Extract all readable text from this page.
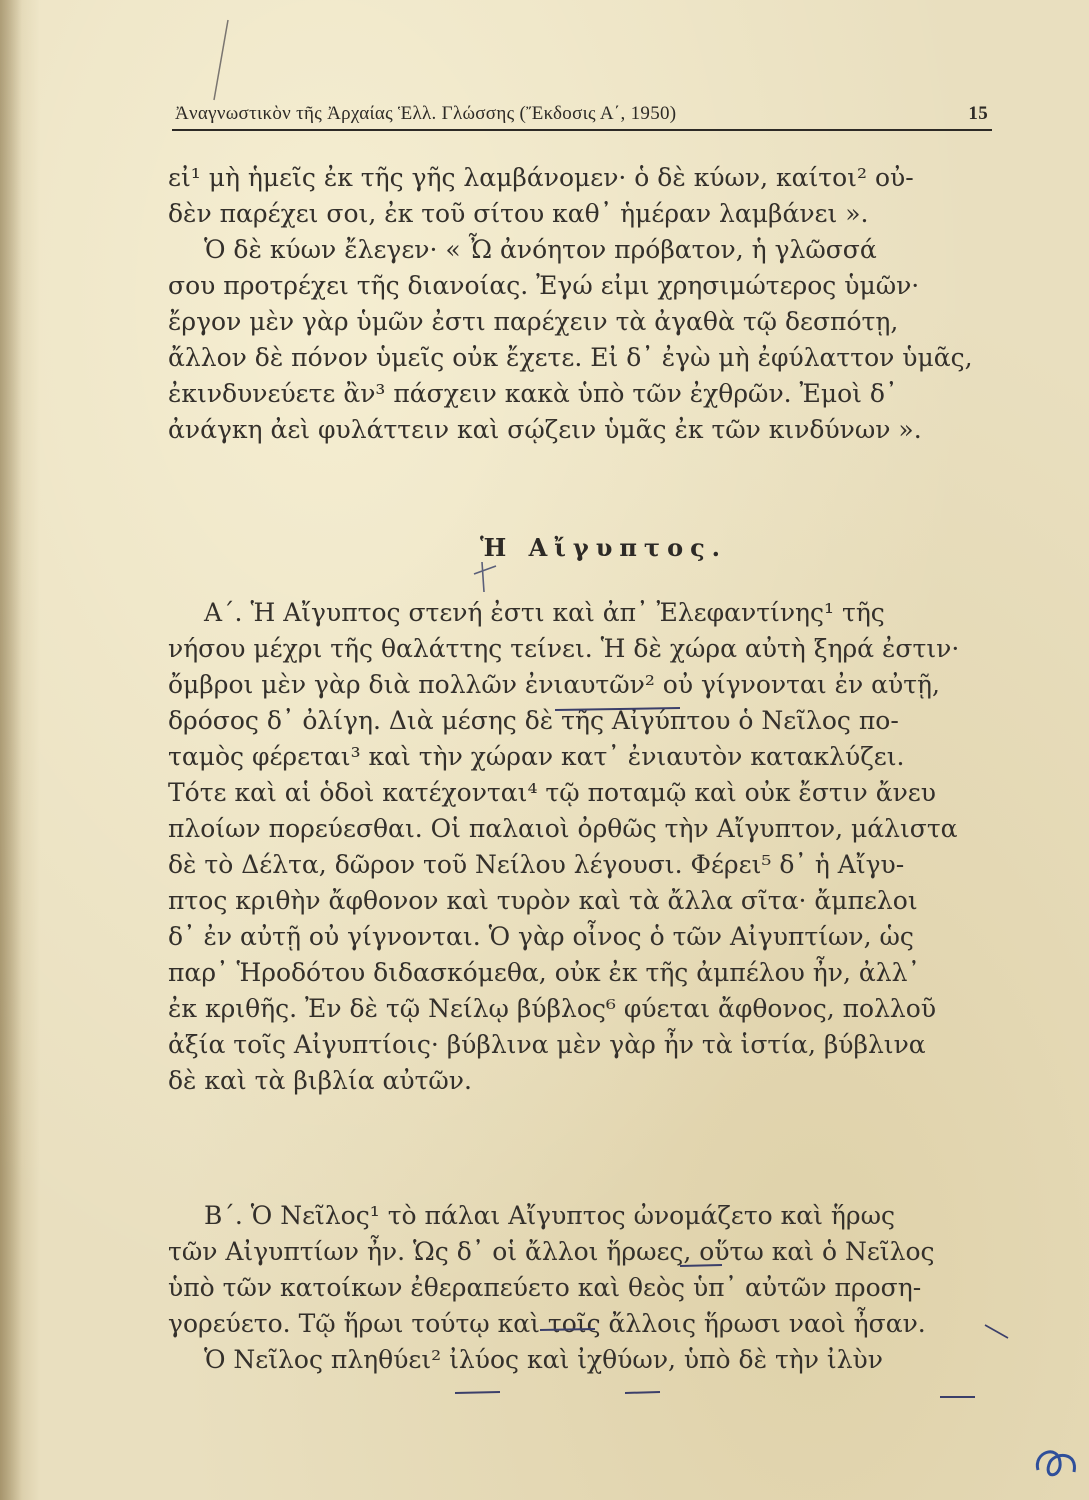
Ἀναγνωστικὸν τῆς Ἀρχαίας Ἑλλ. Γλώσσης (Ἔκδοσις Α΄, 1950)	15
εἰ¹ μὴ ἡμεῖς ἐκ τῆς γῆς λαμβάνομεν· ὁ δὲ κύων, καίτοι² οὐ-
δὲν παρέχει σοι, ἐκ τοῦ σίτου καθ᾽ ἡμέραν λαμβάνει ».
Ὁ δὲ κύων ἔλεγεν· « Ὦ ἀνόητον πρόβατον, ἡ γλῶσσά
σου προτρέχει τῆς διανοίας. Ἐγώ εἰμι χρησιμώτερος ὑμῶν·
ἔργον μὲν γὰρ ὑμῶν ἐστι παρέχειν τὰ ἀγαθὰ τῷ δεσπότῃ,
ἄλλον δὲ πόνον ὑμεῖς οὐκ ἔχετε. Εἰ δ᾽ ἐγὼ μὴ ἐφύλαττον ὑμᾶς,
ἐκινδυνεύετε ἂν³ πάσχειν κακὰ ὑπὸ τῶν ἐχθρῶν. Ἐμοὶ δ᾽
ἀνάγκη ἀεὶ φυλάττειν καὶ σῴζειν ὑμᾶς ἐκ τῶν κινδύνων ».
Ἡ Αἴγυπτος.
Α΄. Ἡ Αἴγυπτος στενή ἐστι καὶ ἀπ᾽ Ἐλεφαντίνης¹ τῆς
νήσου μέχρι τῆς θαλάττης τείνει. Ἡ δὲ χώρα αὐτὴ ξηρά ἐστιν·
ὄμβροι μὲν γὰρ διὰ πολλῶν ἐνιαυτῶν² οὐ γίγνονται ἐν αὐτῇ,
δρόσος δ᾽ ὀλίγη. Διὰ μέσης δὲ τῆς Αἰγύπτου ὁ Νεῖλος πο-
ταμὸς φέρεται³ καὶ τὴν χώραν κατ᾽ ἐνιαυτὸν κατακλύζει.
Τότε καὶ αἱ ὁδοὶ κατέχονται⁴ τῷ ποταμῷ καὶ οὐκ ἔστιν ἄνευ
πλοίων πορεύεσθαι. Οἱ παλαιοὶ ὀρθῶς τὴν Αἴγυπτον, μάλιστα
δὲ τὸ Δέλτα, δῶρον τοῦ Νείλου λέγουσι. Φέρει⁵ δ᾽ ἡ Αἴγυ-
πτος κριθὴν ἄφθονον καὶ τυρὸν καὶ τὰ ἄλλα σῖτα· ἄμπελοι
δ᾽ ἐν αὐτῇ οὐ γίγνονται. Ὁ γὰρ οἶνος ὁ τῶν Αἰγυπτίων, ὡς
παρ᾽ Ἡροδότου διδασκόμεθα, οὐκ ἐκ τῆς ἀμπέλου ἦν, ἀλλ᾽
ἐκ κριθῆς. Ἐν δὲ τῷ Νείλῳ βύβλος⁶ φύεται ἄφθονος, πολλοῦ
ἀξία τοῖς Αἰγυπτίοις· βύβλινα μὲν γὰρ ἦν τὰ ἱστία, βύβλινα
δὲ καὶ τὰ βιβλία αὐτῶν.
Β΄. Ὁ Νεῖλος¹ τὸ πάλαι Αἴγυπτος ὠνομάζετο καὶ ἥρως
τῶν Αἰγυπτίων ἦν. Ὡς δ᾽ οἱ ἄλλοι ἥρωες, οὕτω καὶ ὁ Νεῖλος
ὑπὸ τῶν κατοίκων ἐθεραπεύετο καὶ θεὸς ὑπ᾽ αὐτῶν προση-
γορεύετο. Τῷ ἥρωι τούτῳ καὶ τοῖς ἄλλοις ἥρωσι ναοὶ ἦσαν.
Ὁ Νεῖλος πληθύει² ἰλύος καὶ ἰχθύων, ὑπὸ δὲ τὴν ἰλὺν
